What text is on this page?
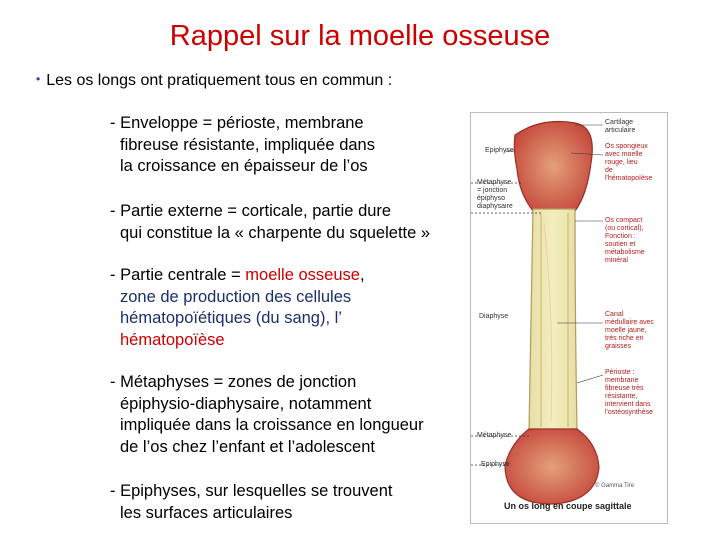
Rappel sur la moelle osseuse
• Les os longs ont pratiquement tous en commun :
- Enveloppe = périoste, membrane
fibreuse résistante, impliquée dans
la croissance en épaisseur de l’os
- Partie externe = corticale, partie dure
qui constitue la « charpente du squelette »
- Partie centrale = moelle osseuse,
zone de production des cellules
hématopoïétiques (du sang), l’
hématopoïèse
- Métaphyses = zones de jonction
épiphysio-diaphysaire, notamment
impliquée dans la croissance en longueur
de l’os chez l’enfant et l’adolescent
- Epiphyses, sur lesquelles se trouvent
les surfaces articulaires
Epiphyse
Métaphyse
= jonction
épiphyso
diaphysaire
Diaphyse
Métaphyse
Epiphyse
Cartilage
articulaire
Os spongieux
avec moelle
rouge, lieu
de
l'hématopoïèse
Os compact
(ou cortical),
Fonction :
soutien et
métabolisme
minéral
Canal
médullaire avec
moelle jaune,
très riche en
graisses
Périoste :
membrane
fibreuse très
résistante,
intervient dans
l'ostéosynthèse
© Gamma Tire
Un os long en coupe sagittale
